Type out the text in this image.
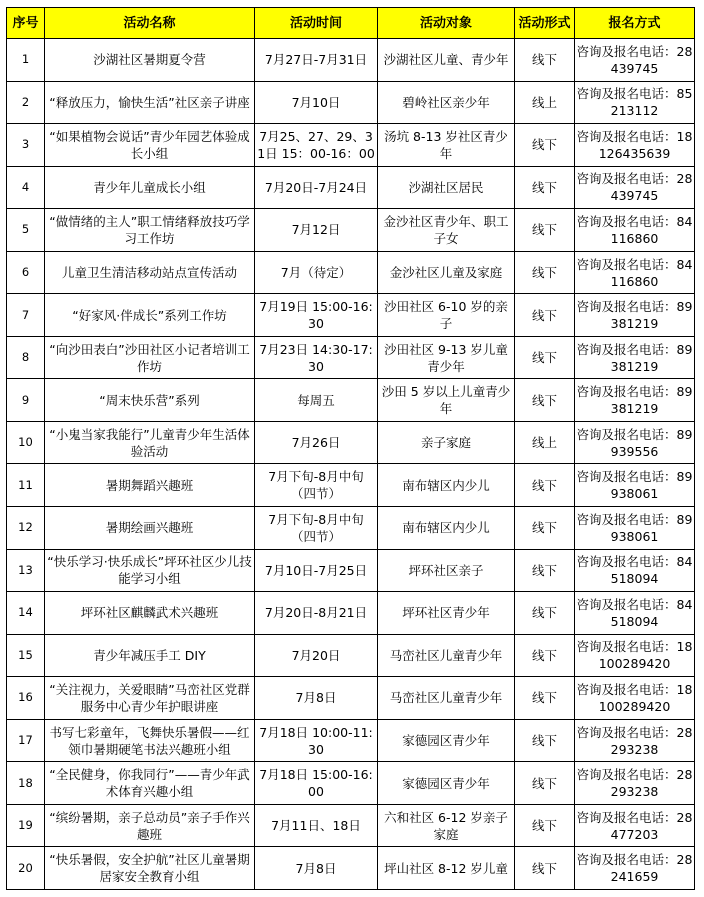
序号	活动名称	活动时间	活动对象	活动形式	报名方式
1	沙湖社区暑期夏令营	7月27日-7月31日	沙湖社区儿童、青少年	线下	咨询及报名电话：28439745
2	“释放压力，愉快生活”社区亲子讲座	7月10日	碧岭社区亲少年	线上	咨询及报名电话：85213112
3	“如果植物会说话”青少年园艺体验成长小组	7月25、27、29、31日 15：00-16：00	汤坑 8-13 岁社区青少年	线下	咨询及报名电话：18126435639
4	青少年儿童成长小组	7月20日-7月24日	沙湖社区居民	线下	咨询及报名电话：28439745
5	“做情绪的主人”职工情绪释放技巧学习工作坊	7月12日	金沙社区青少年、职工子女	线下	咨询及报名电话：84116860
6	儿童卫生清洁移动站点宣传活动	7月（待定）	金沙社区儿童及家庭	线下	咨询及报名电话：84116860
7	“好家风·伴成长”系列工作坊	7月19日 15:00-16:30	沙田社区 6-10 岁的亲子	线下	咨询及报名电话：89381219
8	“向沙田表白”沙田社区小记者培训工作坊	7月23日 14:30-17:30	沙田社区 9-13 岁儿童青少年	线下	咨询及报名电话：89381219
9	“周末快乐营”系列	每周五	沙田 5 岁以上儿童青少年	线下	咨询及报名电话：89381219
10	“小鬼当家我能行”儿童青少年生活体验活动	7月26日	亲子家庭	线上	咨询及报名电话：89939556
11	暑期舞蹈兴趣班	7月下旬-8月中旬（四节）	南布辖区内少儿	线下	咨询及报名电话：89938061
12	暑期绘画兴趣班	7月下旬-8月中旬（四节）	南布辖区内少儿	线下	咨询及报名电话：89938061
13	“快乐学习·快乐成长”坪环社区少儿技能学习小组	7月10日-7月25日	坪环社区亲子	线下	咨询及报名电话：84518094
14	坪环社区麒麟武术兴趣班	7月20日-8月21日	坪环社区青少年	线下	咨询及报名电话：84518094
15	青少年减压手工 DIY	7月20日	马峦社区儿童青少年	线下	咨询及报名电话：18100289420
16	“关注视力，关爱眼睛”马峦社区党群服务中心青少年护眼讲座	7月8日	马峦社区儿童青少年	线下	咨询及报名电话：18100289420
17	书写七彩童年，飞舞快乐暑假——红领巾暑期硬笔书法兴趣班小组	7月18日 10:00-11:30	家德园区青少年	线下	咨询及报名电话：28293238
18	“全民健身，你我同行”——青少年武术体育兴趣小组	7月18日 15:00-16:00	家德园区青少年	线下	咨询及报名电话：28293238
19	“缤纷暑期，亲子总动员”亲子手作兴趣班	7月11日、18日	六和社区 6-12 岁亲子家庭	线下	咨询及报名电话：28477203
20	“快乐暑假，安全护航”社区儿童暑期居家安全教育小组	7月8日	坪山社区 8-12 岁儿童	线下	咨询及报名电话：28241659
